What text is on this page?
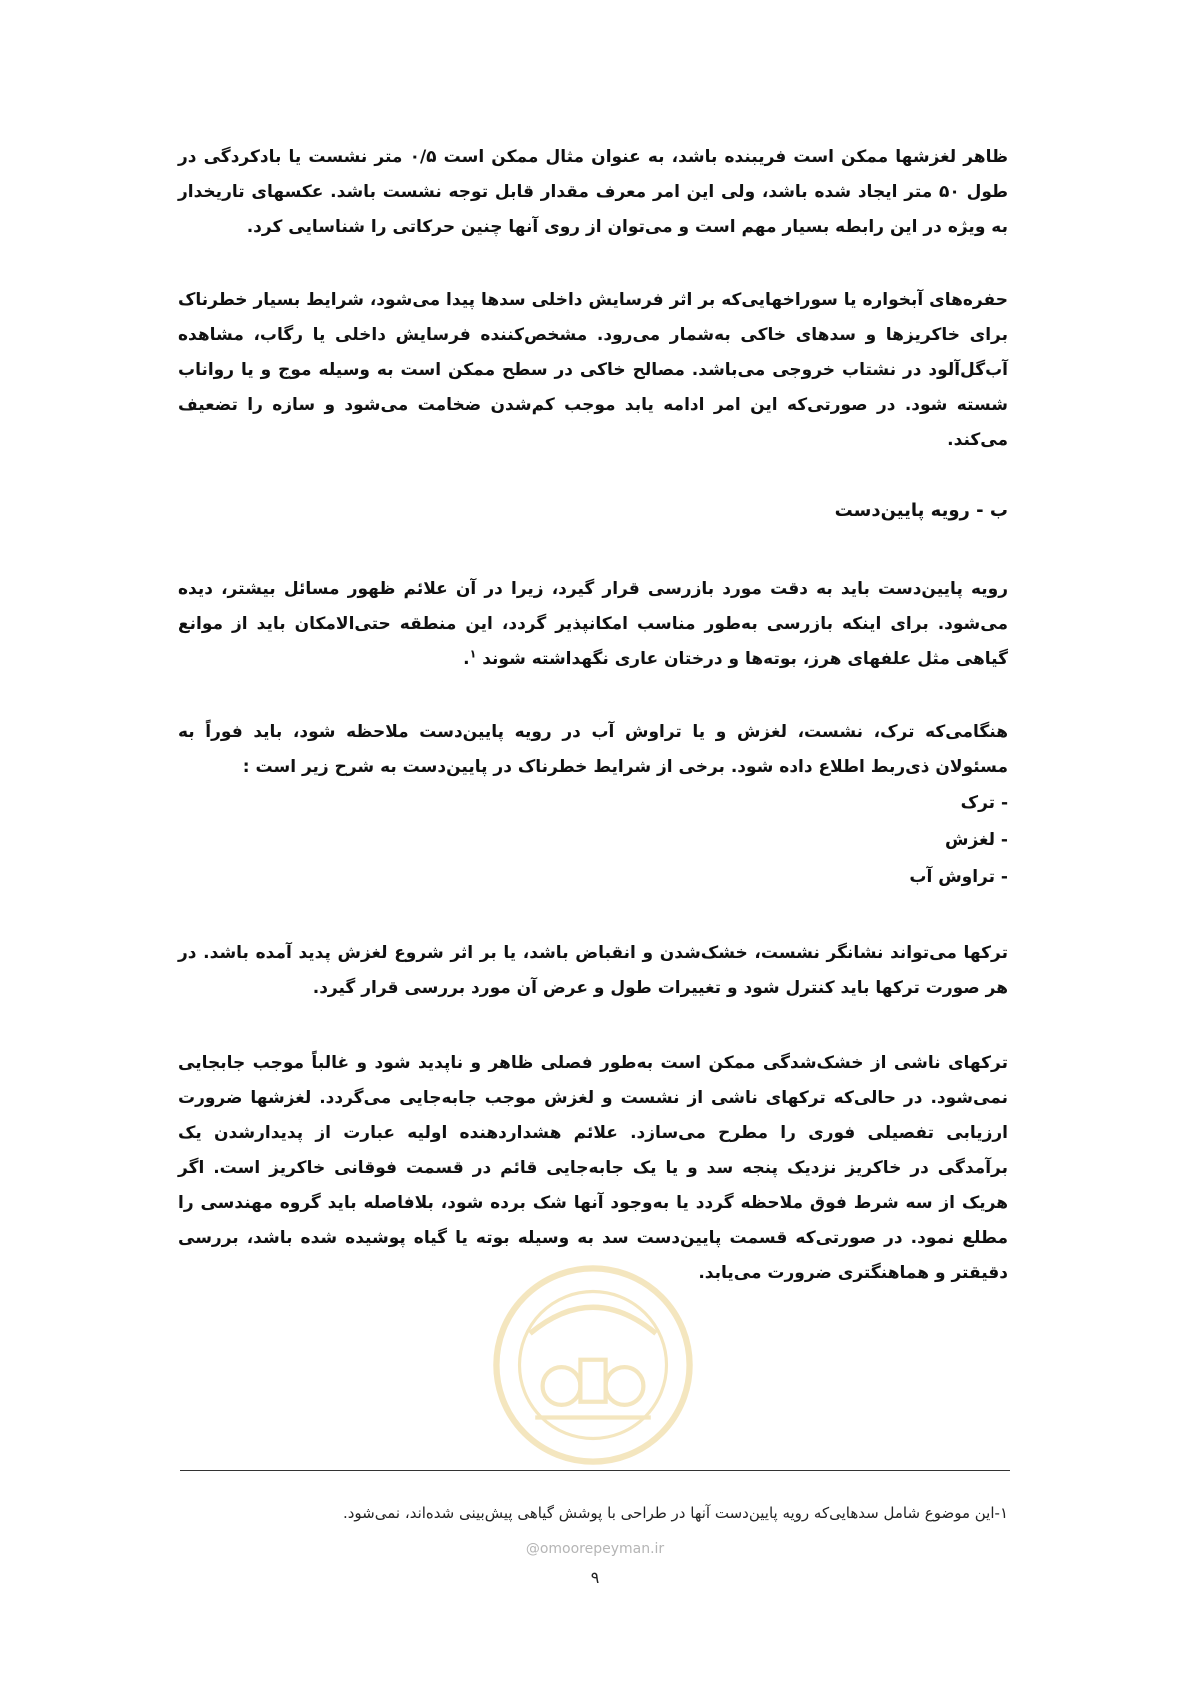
ظاهر لغزشها ممکن است فریبنده باشد، به عنوان مثال ممکن است ۰/۵ متر نشست یا بادکردگی در طول ۵۰ متر ایجاد شده باشد، ولی این امر معرف مقدار قابل توجه نشست باشد. عکسهای تاریخدار به ویژه در این رابطه بسیار مهم است و می‌توان از روی آنها چنین حرکاتی را شناسایی کرد.

حفره‌های آبخواره یا سوراخهایی‌که بر اثر فرسایش داخلی سدها پیدا می‌شود، شرایط بسیار خطرناک برای خاکریزها و سدهای خاکی به‌شمار می‌رود. مشخص‌کننده فرسایش داخلی یا رگاب، مشاهده آب‌گل‌آلود در نشتاب خروجی می‌باشد. مصالح خاکی در سطح ممکن است به وسیله موج و یا رواناب شسته شود. در صورتی‌که این امر ادامه یابد موجب کم‌شدن ضخامت می‌شود و سازه را تضعیف می‌کند.

ب - رویه پایین‌دست

رویه پایین‌دست باید به دقت مورد بازرسی قرار گیرد، زیرا در آن علائم ظهور مسائل بیشتر، دیده می‌شود. برای اینکه بازرسی به‌طور مناسب امکانپذیر گردد، این منطقه حتی‌الامکان باید از موانع گیاهی مثل علفهای هرز، بوته‌ها و درختان عاری نگهداشته شوند $^۱$.

هنگامی‌که ترک، نشست، لغزش و یا تراوش آب در رویه پایین‌دست ملاحظه شود، باید فوراً به مسئولان ذی‌ربط اطلاع داده شود. برخی از شرایط خطرناک در پایین‌دست به شرح زیر است :

- ترک
- لغزش
- تراوش آب

ترکها می‌تواند نشانگر نشست، خشک‌شدن و انقباض باشد، یا بر اثر شروع لغزش پدید آمده باشد. در هر صورت ترکها باید کنترل شود و تغییرات طول و عرض آن مورد بررسی قرار گیرد.

ترکهای ناشی از خشک‌شدگی ممکن است به‌طور فصلی ظاهر و ناپدید شود و غالباً موجب جابجایی نمی‌شود. در حالی‌که ترکهای ناشی از نشست و لغزش موجب جابه‌جایی می‌گردد. لغزشها ضرورت ارزیابی تفصیلی فوری را مطرح می‌سازد. علائم هشداردهنده اولیه عبارت از پدیدارشدن یک برآمدگی در خاکریز نزدیک پنجه سد و یا یک جابه‌جایی قائم در قسمت فوقانی خاکریز است. اگر هریک از سه شرط فوق ملاحظه گردد یا به‌وجود آنها شک برده شود، بلافاصله باید گروه مهندسی را مطلع نمود. در صورتی‌که قسمت پایین‌دست سد به وسیله بوته یا گیاه پوشیده شده باشد، بررسی دقیقتر و هماهنگتری ضرورت می‌یابد.

۱-این موضوع شامل سدهایی‌که رویه پایین‌دست آنها در طراحی با پوشش گیاهی پیش‌بینی شده‌اند، نمی‌شود.

@omoorepeyman.ir
۹
